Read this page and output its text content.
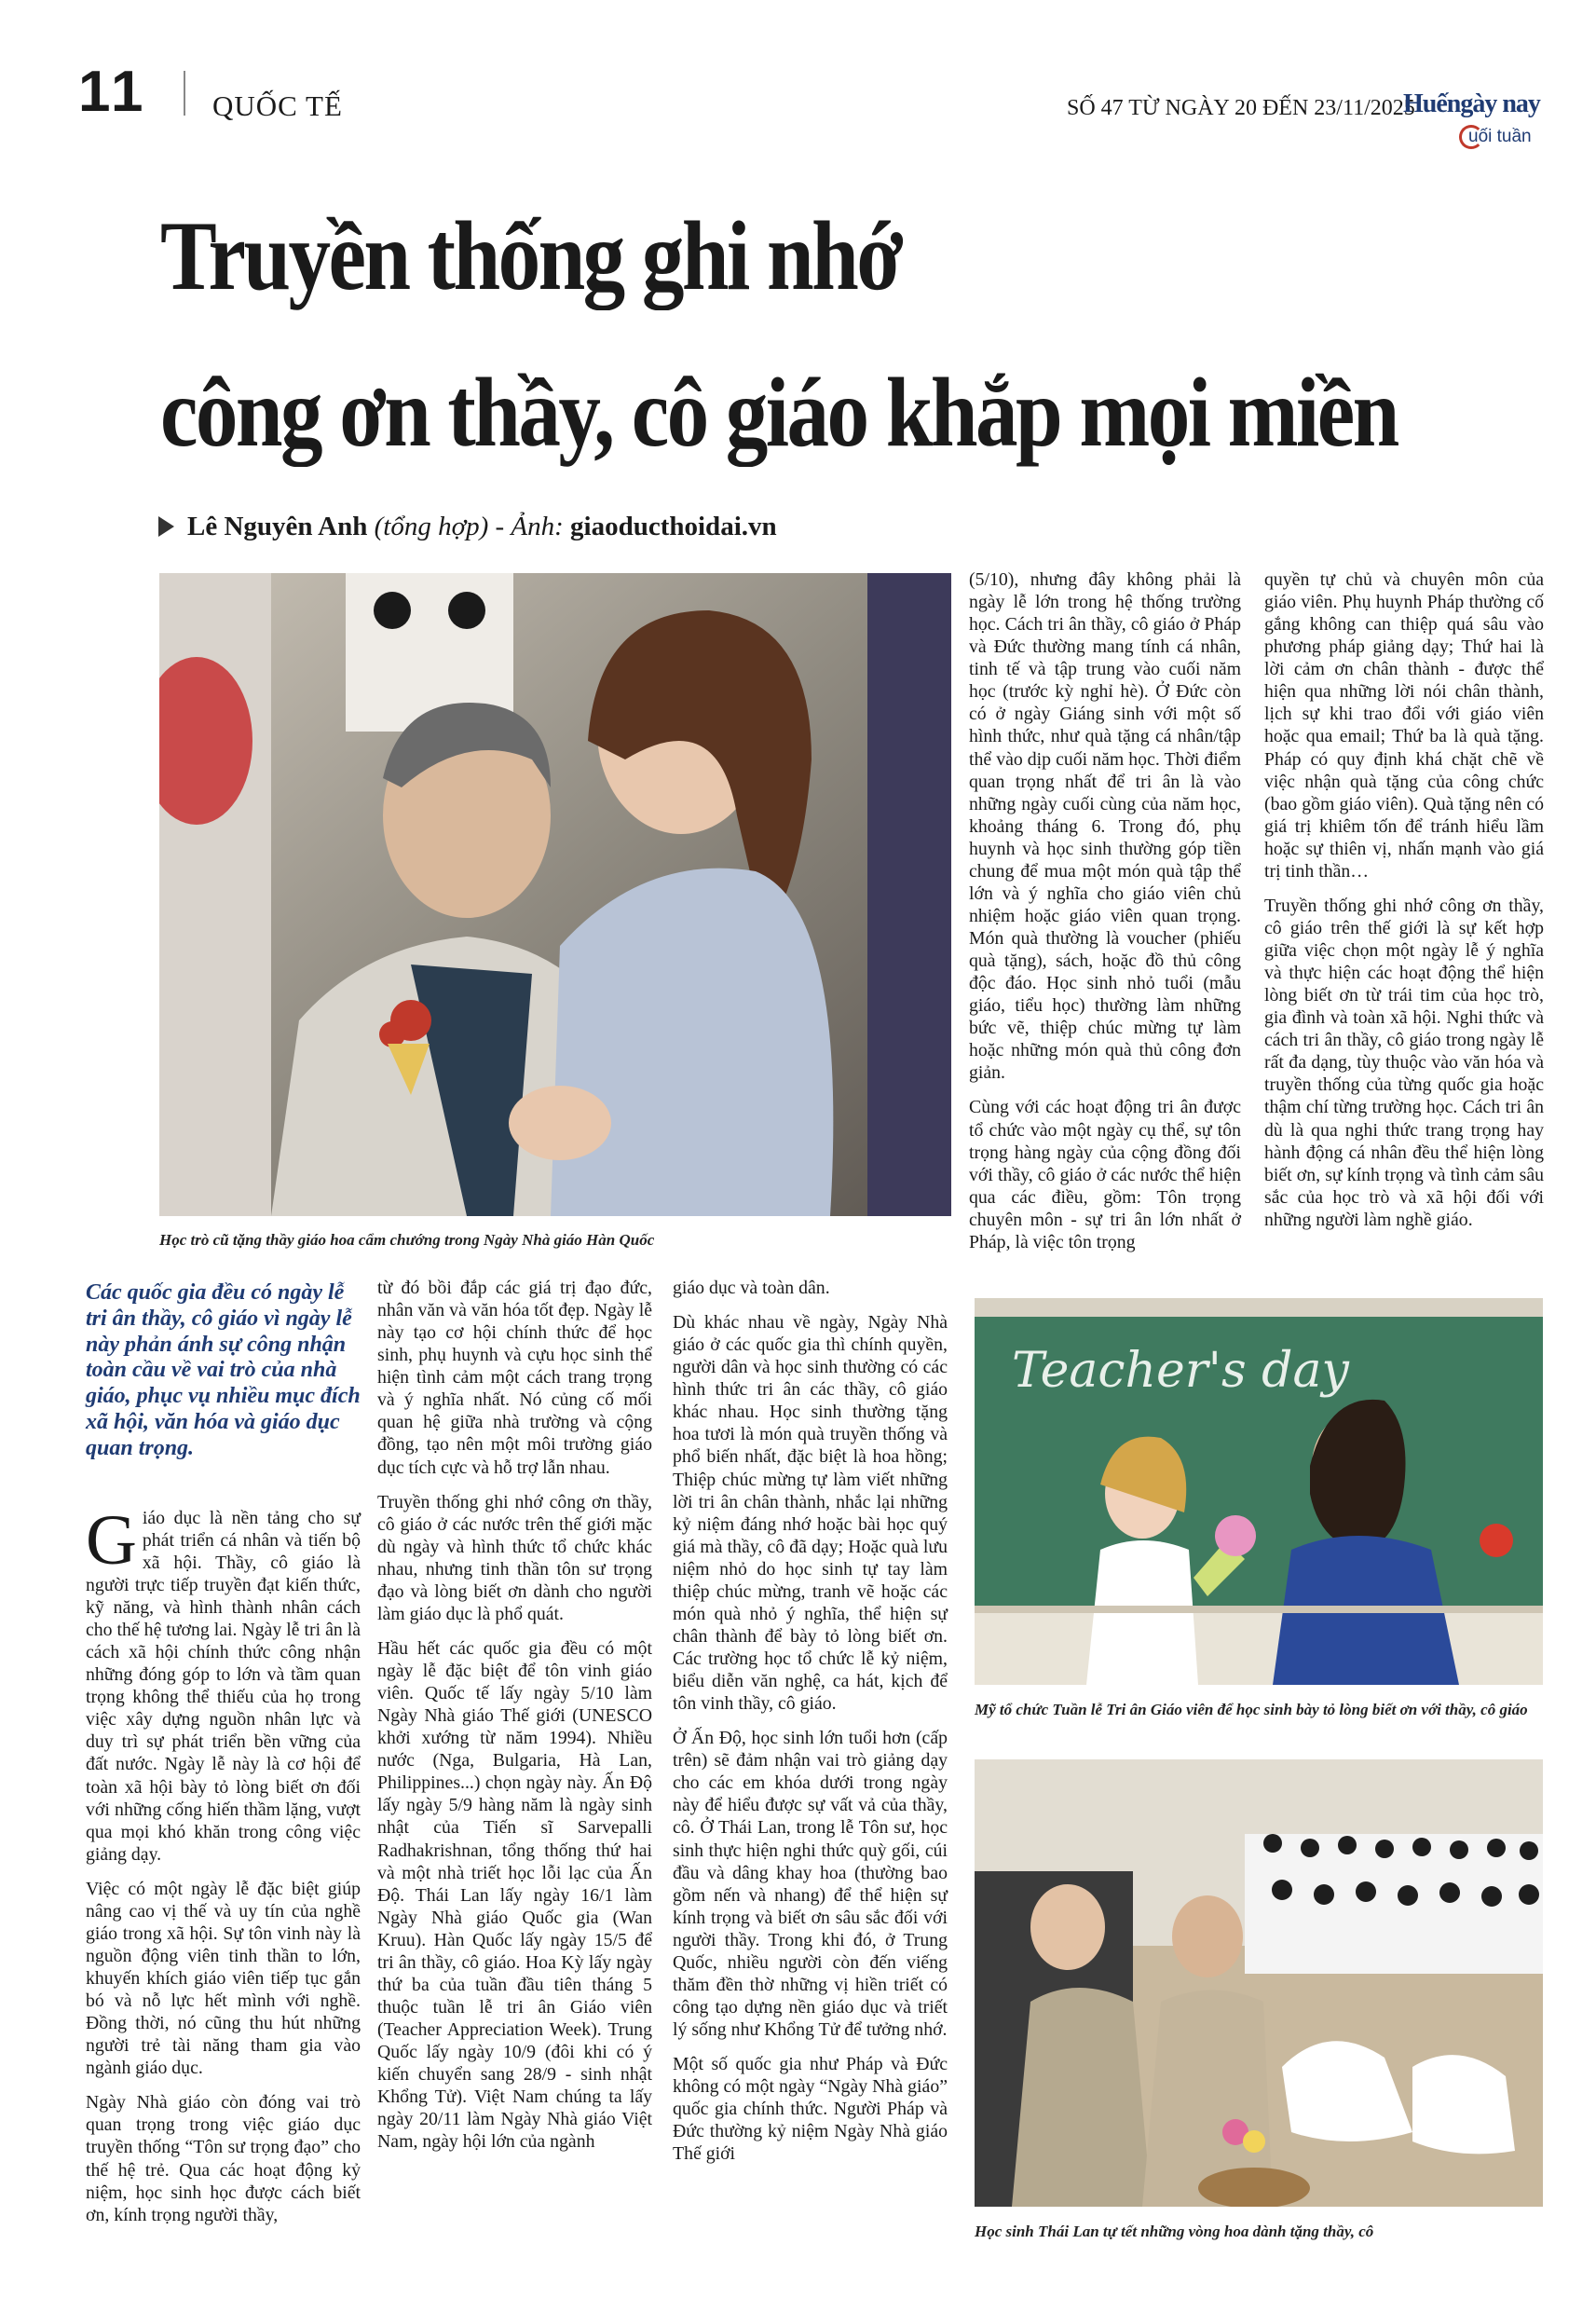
11 QUỐC TẾ	SỐ 47 TỪ NGÀY 20 ĐẾN 23/11/2025
Huếngày nay
uối tuần
Truyền thống ghi nhớ
công ơn thầy, cô giáo khắp mọi miền
Lê Nguyên Anh (tổng hợp) - Ảnh: giaoducthoidai.vn
Học trò cũ tặng thầy giáo hoa cẩm chướng trong Ngày Nhà giáo Hàn Quốc
Teacher's day
Mỹ tổ chức Tuần lễ Tri ân Giáo viên để học sinh bày tỏ lòng biết ơn với thầy, cô giáo
Học sinh Thái Lan tự tết những vòng hoa dành tặng thầy, cô

Các quốc gia đều có ngày lễ tri ân thầy, cô giáo vì ngày lễ này phản ánh sự công nhận toàn cầu về vai trò của nhà giáo, phục vụ nhiều mục đích xã hội, văn hóa và giáo dục quan trọng.

Giáo dục là nền tảng cho sự phát triển cá nhân và tiến bộ xã hội. Thầy, cô giáo là người trực tiếp truyền đạt kiến thức, kỹ năng, và hình thành nhân cách cho thế hệ tương lai. Ngày lễ tri ân là cách xã hội chính thức công nhận những đóng góp to lớn và tầm quan trọng không thể thiếu của họ trong việc xây dựng nguồn nhân lực và duy trì sự phát triển bền vững của đất nước. Ngày lễ này là cơ hội để toàn xã hội bày tỏ lòng biết ơn đối với những cống hiến thầm lặng, vượt qua mọi khó khăn trong công việc giảng dạy.

Việc có một ngày lễ đặc biệt giúp nâng cao vị thế và uy tín của nghề giáo trong xã hội. Sự tôn vinh này là nguồn động viên tinh thần to lớn, khuyến khích giáo viên tiếp tục gắn bó và nỗ lực hết mình với nghề. Đồng thời, nó cũng thu hút những người trẻ tài năng tham gia vào ngành giáo dục.

Ngày Nhà giáo còn đóng vai trò quan trọng trong việc giáo dục truyền thống “Tôn sư trọng đạo” cho thế hệ trẻ. Qua các hoạt động kỷ niệm, học sinh học được cách biết ơn, kính trọng người thầy,

từ đó bồi đắp các giá trị đạo đức, nhân văn và văn hóa tốt đẹp. Ngày lễ này tạo cơ hội chính thức để học sinh, phụ huynh và cựu học sinh thể hiện tình cảm một cách trang trọng và ý nghĩa nhất. Nó củng cố mối quan hệ giữa nhà trường và cộng đồng, tạo nên một môi trường giáo dục tích cực và hỗ trợ lẫn nhau.

Truyền thống ghi nhớ công ơn thầy, cô giáo ở các nước trên thế giới mặc dù ngày và hình thức tổ chức khác nhau, nhưng tinh thần tôn sư trọng đạo và lòng biết ơn dành cho người làm giáo dục là phổ quát.

Hầu hết các quốc gia đều có một ngày lễ đặc biệt để tôn vinh giáo viên. Quốc tế lấy ngày 5/10 làm Ngày Nhà giáo Thế giới (UNESCO khởi xướng từ năm 1994). Nhiều nước (Nga, Bulgaria, Hà Lan, Philippines...) chọn ngày này. Ấn Độ lấy ngày 5/9 hàng năm là ngày sinh nhật của Tiến sĩ Sarvepalli Radhakrishnan, tổng thống thứ hai và một nhà triết học lỗi lạc của Ấn Độ. Thái Lan lấy ngày 16/1 làm Ngày Nhà giáo Quốc gia (Wan Kruu). Hàn Quốc lấy ngày 15/5 để tri ân thầy, cô giáo. Hoa Kỳ lấy ngày thứ ba của tuần đầu tiên tháng 5 thuộc tuần lễ tri ân Giáo viên (Teacher Appreciation Week). Trung Quốc lấy ngày 10/9 (đôi khi có ý kiến chuyển sang 28/9 - sinh nhật Khổng Tử). Việt Nam chúng ta lấy ngày 20/11 làm Ngày Nhà giáo Việt Nam, ngày hội lớn của ngành

giáo dục và toàn dân.

Dù khác nhau về ngày, Ngày Nhà giáo ở các quốc gia thì chính quyền, người dân và học sinh thường có các hình thức tri ân các thầy, cô giáo khác nhau. Học sinh thường tặng hoa tươi là món quà truyền thống và phổ biến nhất, đặc biệt là hoa hồng; Thiệp chúc mừng tự làm viết những lời tri ân chân thành, nhắc lại những kỷ niệm đáng nhớ hoặc bài học quý giá mà thầy, cô đã dạy; Hoặc quà lưu niệm nhỏ do học sinh tự tay làm thiệp chúc mừng, tranh vẽ hoặc các món quà nhỏ ý nghĩa, thể hiện sự chân thành để bày tỏ lòng biết ơn. Các trường học tổ chức lễ kỷ niệm, biểu diễn văn nghệ, ca hát, kịch để tôn vinh thầy, cô giáo.

Ở Ấn Độ, học sinh lớn tuổi hơn (cấp trên) sẽ đảm nhận vai trò giảng dạy cho các em khóa dưới trong ngày này để hiểu được sự vất vả của thầy, cô. Ở Thái Lan, trong lễ Tôn sư, học sinh thực hiện nghi thức quỳ gối, cúi đầu và dâng khay hoa (thường bao gồm nến và nhang) để thể hiện sự kính trọng và biết ơn sâu sắc đối với người thầy. Trong khi đó, ở Trung Quốc, nhiều người còn đến viếng thăm đền thờ những vị hiền triết có công tạo dựng nền giáo dục và triết lý sống như Khổng Tử để tưởng nhớ.

Một số quốc gia như Pháp và Đức không có một ngày “Ngày Nhà giáo” quốc gia chính thức. Người Pháp và Đức thường kỷ niệm Ngày Nhà giáo Thế giới

(5/10), nhưng đây không phải là ngày lễ lớn trong hệ thống trường học. Cách tri ân thầy, cô giáo ở Pháp và Đức thường mang tính cá nhân, tinh tế và tập trung vào cuối năm học (trước kỳ nghỉ hè). Ở Đức còn có ở ngày Giáng sinh với một số hình thức, như quà tặng cá nhân/tập thể vào dịp cuối năm học. Thời điểm quan trọng nhất để tri ân là vào những ngày cuối cùng của năm học, khoảng tháng 6. Trong đó, phụ huynh và học sinh thường góp tiền chung để mua một món quà tập thể lớn và ý nghĩa cho giáo viên chủ nhiệm hoặc giáo viên quan trọng. Món quà thường là voucher (phiếu quà tặng), sách, hoặc đồ thủ công độc đáo. Học sinh nhỏ tuổi (mẫu giáo, tiểu học) thường làm những bức vẽ, thiệp chúc mừng tự làm hoặc những món quà thủ công đơn giản.

Cùng với các hoạt động tri ân được tổ chức vào một ngày cụ thể, sự tôn trọng hàng ngày của cộng đồng đối với thầy, cô giáo ở các nước thể hiện qua các điều, gồm: Tôn trọng chuyên môn - sự tri ân lớn nhất ở Pháp, là việc tôn trọng

quyền tự chủ và chuyên môn của giáo viên. Phụ huynh Pháp thường cố gắng không can thiệp quá sâu vào phương pháp giảng dạy; Thứ hai là lời cảm ơn chân thành - được thể hiện qua những lời nói chân thành, lịch sự khi trao đổi với giáo viên hoặc qua email; Thứ ba là quà tặng. Pháp có quy định khá chặt chẽ về việc nhận quà tặng của công chức (bao gồm giáo viên). Quà tặng nên có giá trị khiêm tốn để tránh hiểu lầm hoặc sự thiên vị, nhấn mạnh vào giá trị tinh thần…

Truyền thống ghi nhớ công ơn thầy, cô giáo trên thế giới là sự kết hợp giữa việc chọn một ngày lễ ý nghĩa và thực hiện các hoạt động thể hiện lòng biết ơn từ trái tim của học trò, gia đình và toàn xã hội. Nghi thức và cách tri ân thầy, cô giáo trong ngày lễ rất đa dạng, tùy thuộc vào văn hóa và truyền thống của từng quốc gia hoặc thậm chí từng trường học. Cách tri ân dù là qua nghi thức trang trọng hay hành động cá nhân đều thể hiện lòng biết ơn, sự kính trọng và tình cảm sâu sắc của học trò và xã hội đối với những người làm nghề giáo.
